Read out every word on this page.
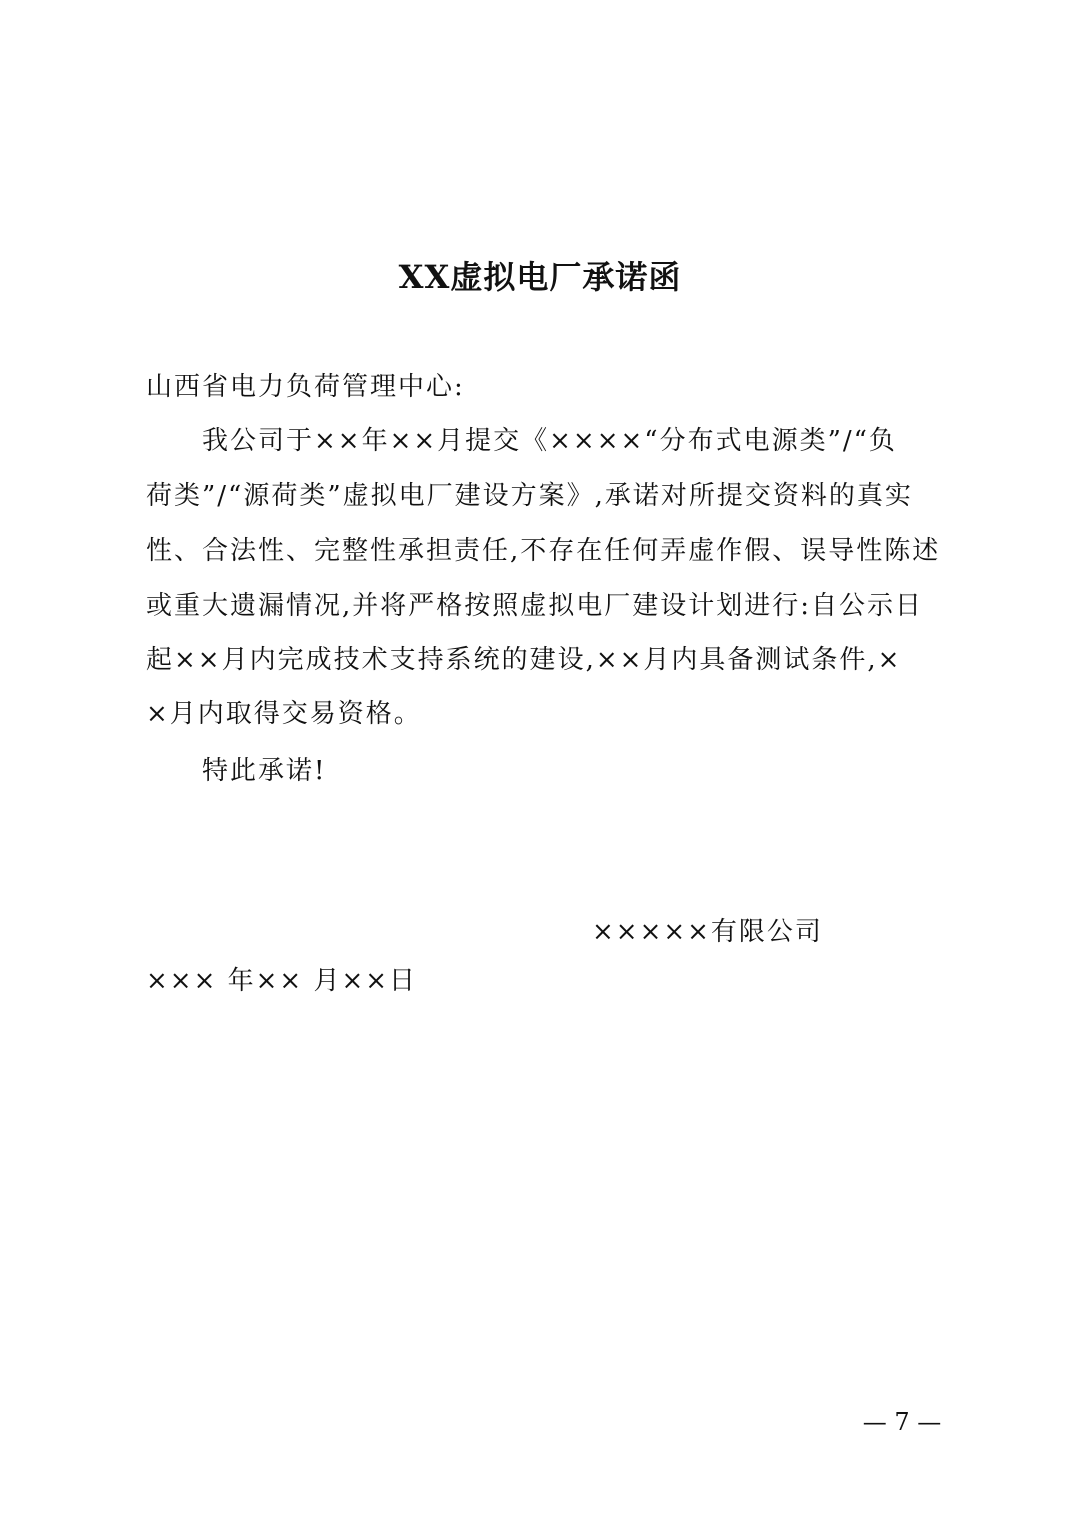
XX虚拟电厂承诺函
山西省电力负荷管理中心:
我公司于××年××月提交《××××“分布式电源类”/“负
荷类”/“源荷类”虚拟电厂建设方案》,承诺对所提交资料的真实
性、合法性、完整性承担责任,不存在任何弄虚作假、误导性陈述
或重大遗漏情况,并将严格按照虚拟电厂建设计划进行:自公示日
起××月内完成技术支持系统的建设,××月内具备测试条件,×
×月内取得交易资格。
特此承诺!
×××××有限公司
××× 年×× 月××日
— 7 —
